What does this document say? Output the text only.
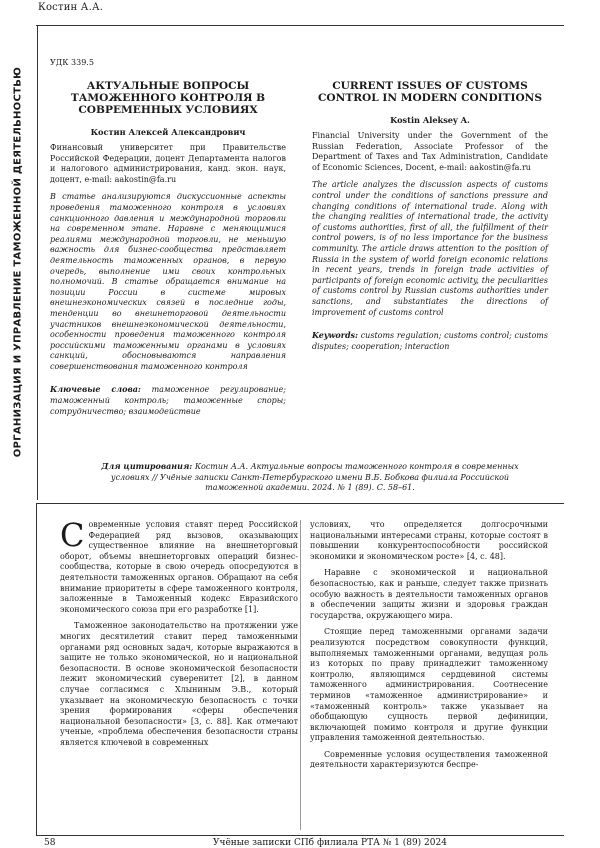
Костин А.А.
ОРГАНИЗАЦИЯ И УПРАВЛЕНИЕ ТАМОЖЕННОЙ ДЕЯТЕЛЬНОСТЬЮ
УДК 339.5
АКТУАЛЬНЫЕ ВОПРОСЫ ТАМОЖЕННОГО КОНТРОЛЯ В СОВРЕМЕННЫХ УСЛОВИЯХ
Костин Алексей Александрович
Финансовый университет при Правительстве Российской Федерации, доцент Департамента налогов и налогового администрирования, канд. экон. наук, доцент, e-mail: aakostin@fa.ru
В статье анализируются дискуссионные аспекты проведения таможенного контроля в условиях санкционного давления и международной торговли на современном этапе. Наравне с меняющимися реалиями международной торговли, не меньшую важность для бизнес-сообщества представляет деятельность таможенных органов, в первую очередь, выполнение ими своих контрольных полномочий. В статье обращается внимание на позиции России в системе мировых внешнеэкономических связей в последние годы, тенденции во внешнеторговой деятельности участников внешнеэкономической деятельности, особенности проведения таможенного контроля российскими таможенными органами в условиях санкций, обосновываются направления совершенствования таможенного контроля
Ключевые слова: таможенное регулирование; таможенный контроль; таможенные споры; сотрудничество; взаимодействие
CURRENT ISSUES OF CUSTOMS CONTROL IN MODERN CONDITIONS
Kostin Aleksey A.
Financial University under the Government of the Russian Federation, Associate Professor of the Department of Taxes and Tax Administration, Candidate of Economic Sciences, Docent, e-mail: aakostin@fa.ru
The article analyzes the discussion aspects of customs control under the conditions of sanctions pressure and changing conditions of international trade. Along with the changing realities of international trade, the activity of customs authorities, first of all, the fulfillment of their control powers, is of no less importance for the business community. The article draws attention to the position of Russia in the system of world foreign economic relations in recent years, trends in foreign trade activities of participants of foreign economic activity, the peculiarities of customs control by Russian customs authorities under sanctions, and substantiates the directions of improvement of customs control
Keywords: customs regulation; customs control; customs disputes; cooperation; interaction
Для цитирования: Костин А.А. Актуальные вопросы таможенного контроля в современных условиях // Учёные записки Санкт-Петербургского имени В.Б. Бобкова филиала Российской таможенной академии. 2024. № 1 (89). С. 58–61.

Современные условия ставят перед Российской Федерацией ряд вызовов, оказывающих существенное влияние на внешнеторговый оборот, объемы внешнеторговых операций бизнес-сообщества, которые в свою очередь опосредуются в деятельности таможенных органов. Обращают на себя внимание приоритеты в сфере таможенного контроля, заложенные в Таможенный кодекс Евразийского экономического союза при его разработке [1].

Таможенное законодательство на протяжении уже многих десятилетий ставит перед таможенными органами ряд основных задач, которые выражаются в защите не только экономической, но и национальной безопасности. В основе экономической безопасности лежит экономический суверенитет [2], в данном случае согласимся с Хлыниным Э.В., который указывает на экономическую безопасность с точки зрения формирования «сферы обеспечения национальной безопасности» [3, с. 88]. Как отмечают ученые, «проблема обеспечения безопасности страны является ключевой в современных

условиях, что определяется долгосрочными национальными интересами страны, которые состоят в повышении конкурентоспособности российской экономики и экономическом росте» [4, с. 48].

Наравне с экономической и национальной безопасностью, как и раньше, следует также признать особую важность в деятельности таможенных органов в обеспечении защиты жизни и здоровья граждан государства, окружающего мира.

Стоящие перед таможенными органами задачи реализуются посредством совокупности функций, выполняемых таможенными органами, ведущая роль из которых по праву принадлежит таможенному контролю, являющимся сердцевиной системы таможенного администрирования. Соотнесение терминов «таможенное администрирование» и «таможенный контроль» также указывает на обобщающую сущность первой дефиниции, включающей помимо контроля и другие функции управления таможенной деятельностью.

Современные условия осуществления таможенной деятельности характеризуются беспре-

58	Учёные записки СПб филиала РТА № 1 (89) 2024
